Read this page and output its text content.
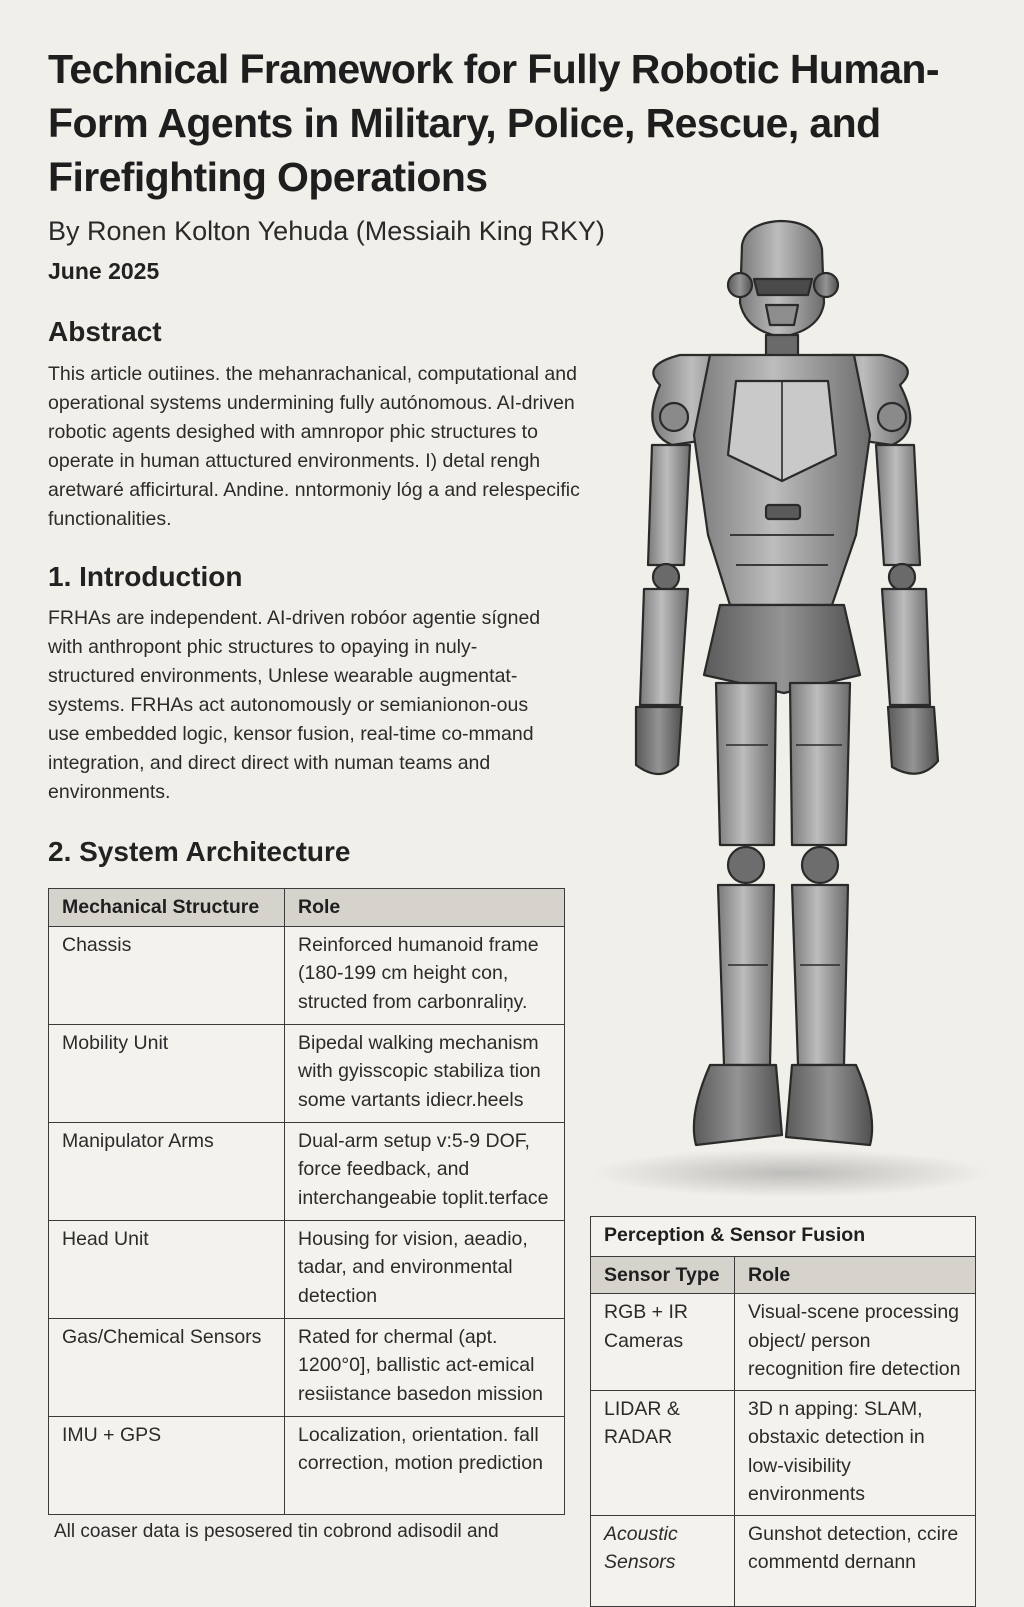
Technical Framework for Fully Robotic Human-Form Agents in Military, Police, Rescue, and Firefighting Operations

By Ronen Kolton Yehuda (Messiaih King RKY)

June 2025

Abstract

This article outiines. the mehanrachanical, computational and operational systems undermining fully autónomous. AI-driven robotic agents desighed with amnropor phic structures to operate in human attuctured environments. I) detal rengh aretwaré afficirtural. Andine. nntormoniy lóg a and relespecific functionalities.

1. Introduction

FRHAs are independent. AI-driven robóor agentie sígned with anthropont phic structures to opaying in nuly-structured environments, Unlese wearable augmentat-systems. FRHAs act autonomously or semianionon-ous use embedded logic, kensor fusion, real-time co-mmand integration, and direct direct with numan teams and environments.

2. System Architecture
Mechanical Structure	Role
Chassis	Reinforced humanoid frame (180-199 cm height con, structed from carbonraliņy.
Mobility Unit	Bipedal walking mechanism with gyisscopic stabiliza tion some vartants idiecr.heels
Manipulator Arms	Dual-arm setup v:5-9 DOF, force feedback, and interchangeabie toplit.terface
Head Unit	Housing for vision, aeadio, tadar, and environmental detection
Gas/Chemical Sensors	Rated for chermal (apt. 1200°0], ballistic act-emical resiistance basedon mission
IMU + GPS	Localization, orientation. fall correction, motion prediction
Perception & Sensor Fusion	
Sensor Type	Role
RGB + IR Cameras	Visual-scene processing object/ person recognition fire detection
LIDAR & RADAR	3D n apping: SLAM, obstaxic detection in low-visibility environments
Acoustic Sensors	Gunshot detection, ccire commentd dernann

All coaser data is pesosered tin cobrond adisodil and
